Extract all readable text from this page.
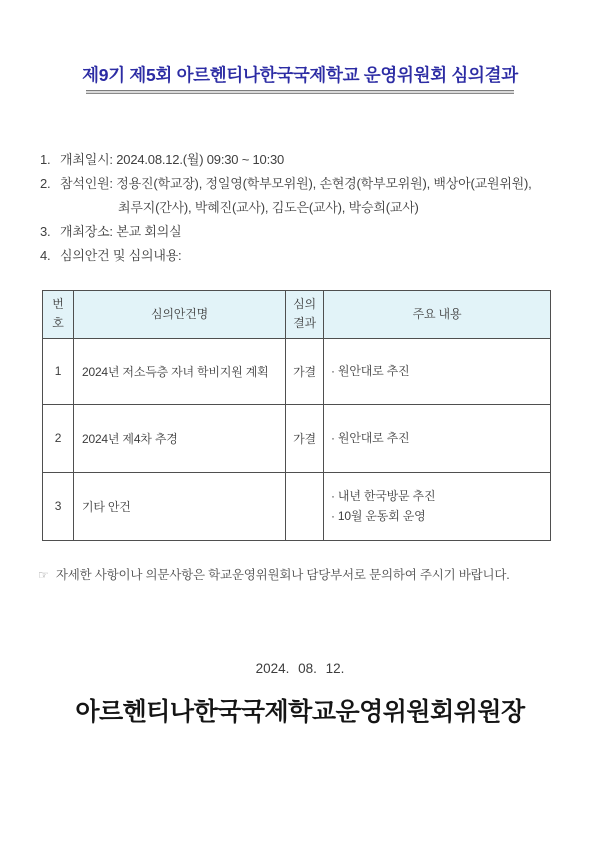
제9기 제5회 아르헨티나한국국제학교 운영위원회 심의결과
1. 개최일시: 2024.08.12.(월) 09:30 ~ 10:30
2. 참석인원: 정용진(학교장), 정일영(학부모위원), 손현경(학부모위원), 백상아(교원위원),
최루지(간사), 박혜진(교사), 김도은(교사), 박승희(교사)
3. 개최장소: 본교 회의실
4. 심의안건 및 심의내용:
번호	심의안건명	심의결과	주요 내용
1	2024년 저소득층 자녀 학비지원 계획	가결	· 원안대로 추진

2	2024년 제4차 추경	가결	· 원안대로 추진

3	기타 안건		· 내년 한국방문 추진
· 10월 운동회 운영
☞ 자세한 사항이나 의문사항은 학교운영위원회나 담당부서로 문의하여 주시기 바랍니다.
2024. 08. 12.
아르헨티나한국국제학교운영위원회위원장
